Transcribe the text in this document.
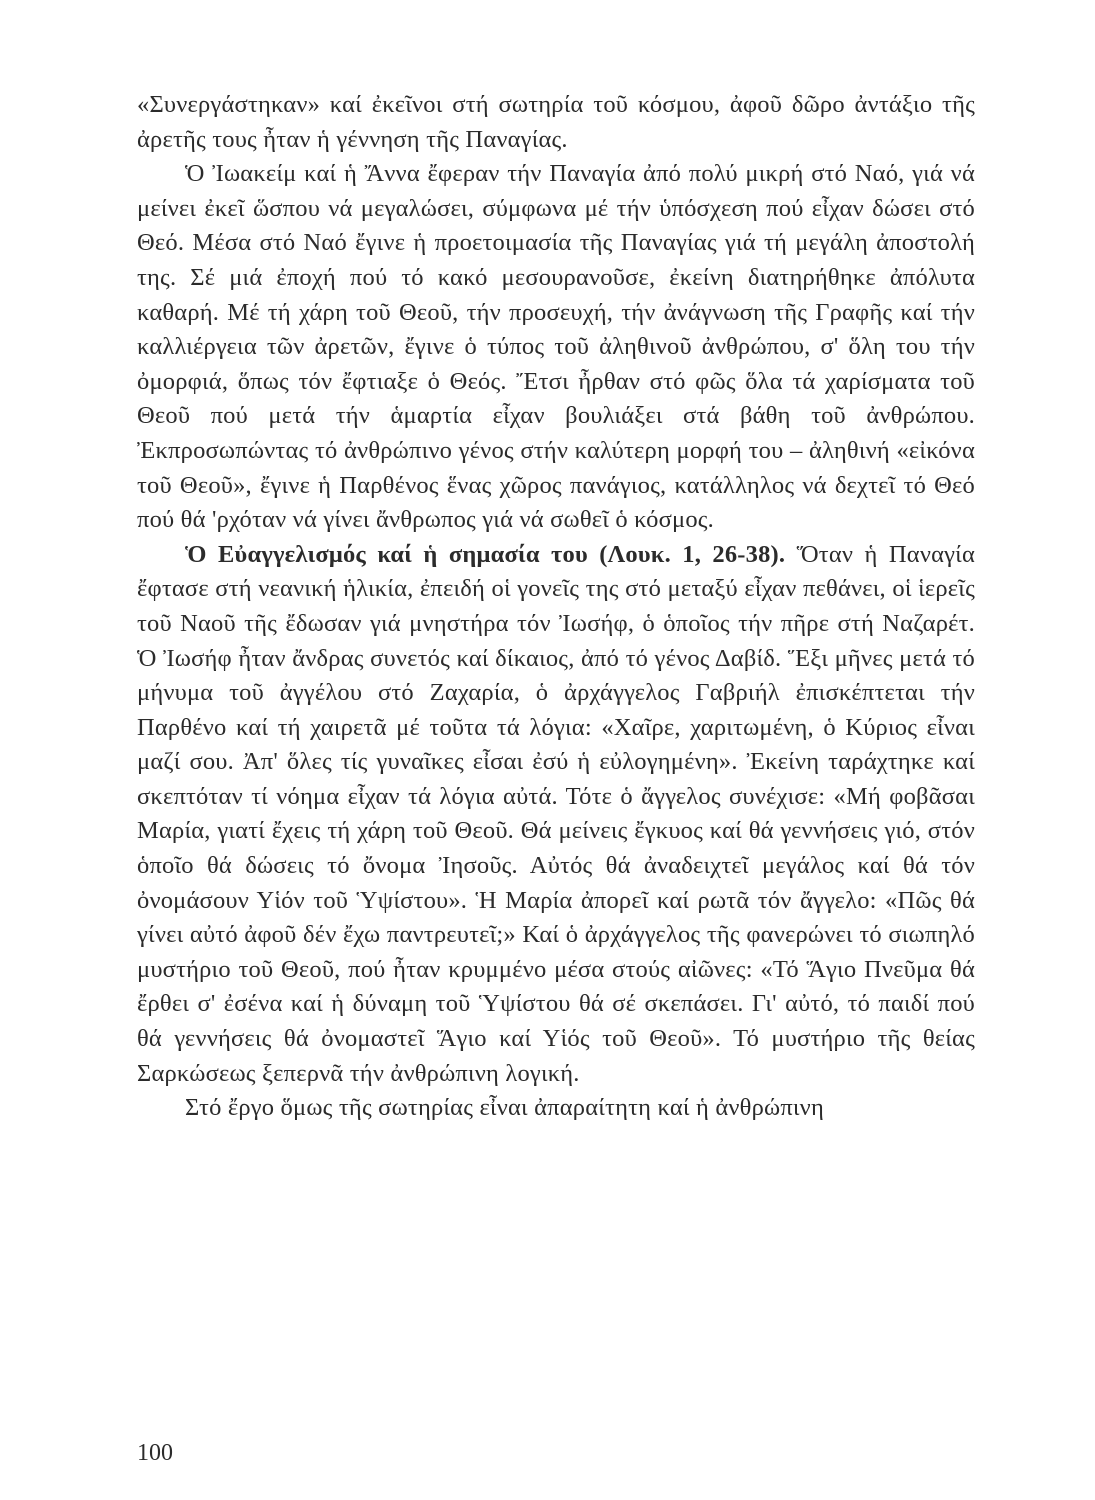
«Συνεργάστηκαν» καί ἐκεῖνοι στή σωτηρία τοῦ κόσμου, ἀφοῦ δῶρο ἀντάξιο τῆς ἀρετῆς τους ἦταν ἡ γέννηση τῆς Παναγίας.

Ὁ Ἰωακείμ καί ἡ Ἄννα ἔφεραν τήν Παναγία ἀπό πολύ μικρή στό Ναό, γιά νά μείνει ἐκεῖ ὥσπου νά μεγαλώσει, σύμφωνα μέ τήν ὑπόσχεση πού εἶχαν δώσει στό Θεό. Μέσα στό Ναό ἔγινε ἡ προετοιμασία τῆς Παναγίας γιά τή μεγάλη ἀποστολή της. Σέ μιά ἐποχή πού τό κακό μεσουρανοῦσε, ἐκείνη διατηρήθηκε ἀπόλυτα καθαρή. Μέ τή χάρη τοῦ Θεοῦ, τήν προσευχή, τήν ἀνάγνωση τῆς Γραφῆς καί τήν καλλιέργεια τῶν ἀρετῶν, ἔγινε ὁ τύπος τοῦ ἀληθινοῦ ἀνθρώπου, σ' ὅλη του τήν ὀμορφιά, ὅπως τόν ἔφτιαξε ὁ Θεός. Ἔτσι ἦρθαν στό φῶς ὅλα τά χαρίσματα τοῦ Θεοῦ πού μετά τήν ἁμαρτία εἶχαν βουλιάξει στά βάθη τοῦ ἀνθρώπου. Ἐκπροσωπώντας τό ἀνθρώπινο γένος στήν καλύτερη μορφή του – ἀληθινή «εἰκόνα τοῦ Θεοῦ», ἔγινε ἡ Παρθένος ἕνας χῶρος πανάγιος, κατάλληλος νά δεχτεῖ τό Θεό πού θά 'ρχόταν νά γίνει ἄνθρωπος γιά νά σωθεῖ ὁ κόσμος.

Ὁ Εὐαγγελισμός καί ἡ σημασία του (Λουκ. 1, 26-38). Ὅταν ἡ Παναγία ἔφτασε στή νεανική ἡλικία, ἐπειδή οἱ γονεῖς της στό μεταξύ εἶχαν πεθάνει, οἱ ἱερεῖς τοῦ Ναοῦ τῆς ἔδωσαν γιά μνηστήρα τόν Ἰωσήφ, ὁ ὁποῖος τήν πῆρε στή Ναζαρέτ. Ὁ Ἰωσήφ ἦταν ἄνδρας συνετός καί δίκαιος, ἀπό τό γένος Δαβίδ. Ἕξι μῆνες μετά τό μήνυμα τοῦ ἀγγέλου στό Ζαχαρία, ὁ ἀρχάγγελος Γαβριήλ ἐπισκέπτεται τήν Παρθένο καί τή χαιρετᾶ μέ τοῦτα τά λόγια: «Χαῖρε, χαριτωμένη, ὁ Κύριος εἶναι μαζί σου. Ἀπ' ὅλες τίς γυναῖκες εἶσαι ἐσύ ἡ εὐλογημένη». Ἐκείνη ταράχτηκε καί σκεπτόταν τί νόημα εἶχαν τά λόγια αὐτά. Τότε ὁ ἄγγελος συνέχισε: «Μή φοβᾶσαι Μαρία, γιατί ἔχεις τή χάρη τοῦ Θεοῦ. Θά μείνεις ἔγκυος καί θά γεννήσεις γιό, στόν ὁποῖο θά δώσεις τό ὄνομα Ἰησοῦς. Αὐτός θά ἀναδειχτεῖ μεγάλος καί θά τόν ὀνομάσουν Υἱόν τοῦ Ὑψίστου». Ἡ Μαρία ἀπορεῖ καί ρωτᾶ τόν ἄγγελο: «Πῶς θά γίνει αὐτό ἀφοῦ δέν ἔχω παντρευτεῖ;» Καί ὁ ἀρχάγγελος τῆς φανερώνει τό σιωπηλό μυστήριο τοῦ Θεοῦ, πού ἦταν κρυμμένο μέσα στούς αἰῶνες: «Τό Ἅγιο Πνεῦμα θά ἔρθει σ' ἐσένα καί ἡ δύναμη τοῦ Ὑψίστου θά σέ σκεπάσει. Γι' αὐτό, τό παιδί πού θά γεννήσεις θά ὀνομαστεῖ Ἅγιο καί Υἱός τοῦ Θεοῦ». Τό μυστήριο τῆς θείας Σαρκώσεως ξεπερνᾶ τήν ἀνθρώπινη λογική.

Στό ἔργο ὅμως τῆς σωτηρίας εἶναι ἀπαραίτητη καί ἡ ἀνθρώπινη

100
